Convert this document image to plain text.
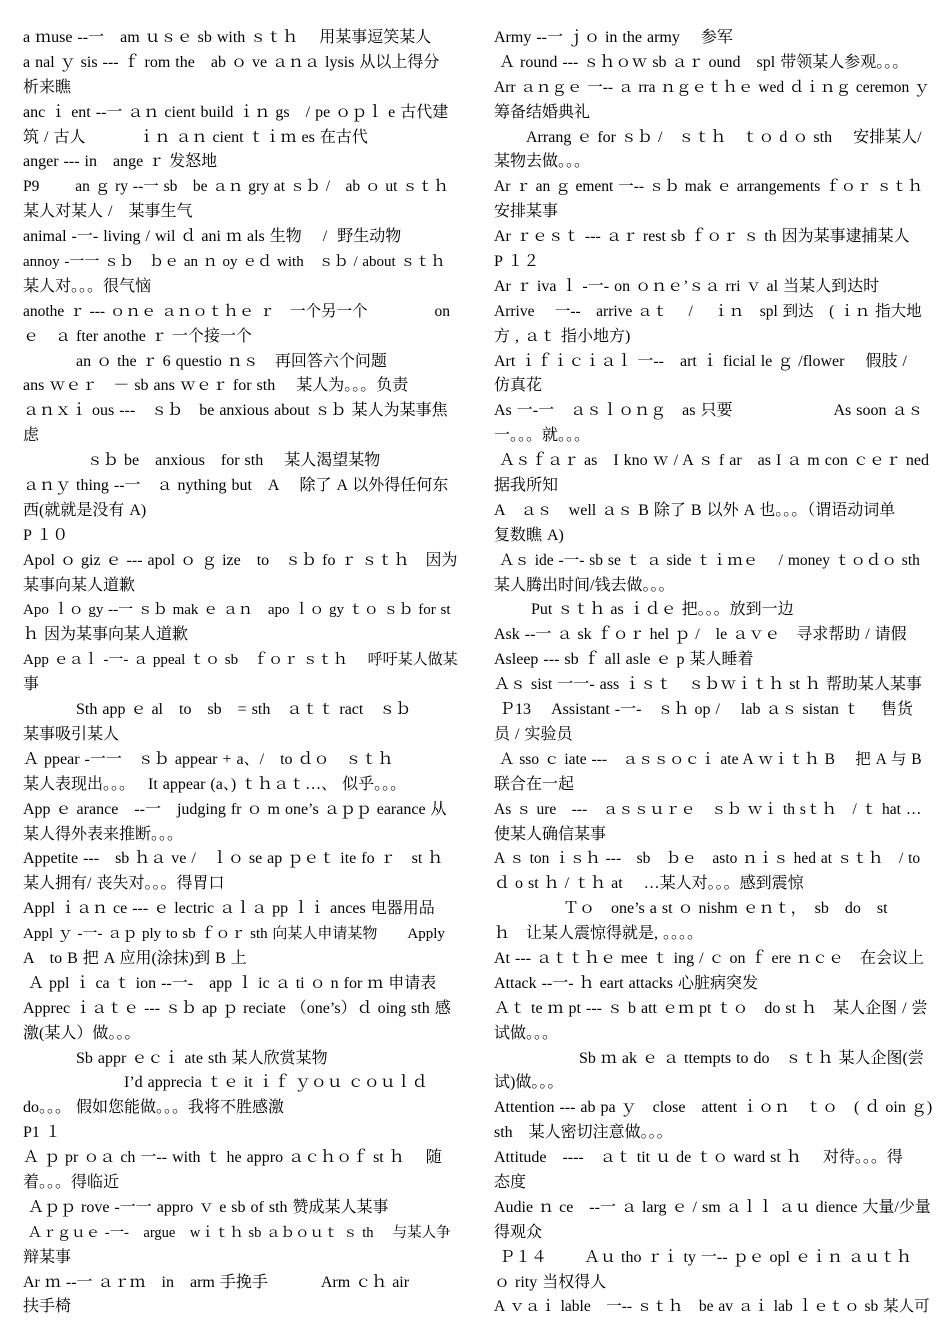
a ｍuse --一　am ｕｓｅ sb with ｓｔｈ　 用某事逗笑某人
a nal ｙ sis --- ｆ rom the　ab ｏ ve ａｎａ lysis 从以上得分
析来瞧
anc ｉ ent --一 ａｎ cient build ｉｎ gs　/ pe ｏｐｌ e 古代建
筑 / 古人　　　 ｉｎ ａｎ cient ｔｉｍ es 在古代
anger --- in　ange ｒ 发怒地
P9　　 an ｇ ry --一 sb　be ａｎ gry at ｓｂ /　ab ｏ ut ｓｔｈ
某人对某人 /　某事生气
animal -一- living / wil ｄ ani ｍ als 生物　 /  野生动物
annoy -一一 ｓｂ　ｂｅ an ｎ oy ｅｄ with　ｓｂ / about ｓｔｈ
某人对。。。很气恼
anothe ｒ --- ｏｎｅ ａｎｏｔｈｅ ｒ　一个另一个　　　　 on
ｅ　ａ fter anothe ｒ 一个接一个
　　　 an ｏ the ｒ 6 questio ｎｓ　再回答六个问题
ans ｗｅｒ　－ sb ans ｗｅｒ for sth　 某人为。。。负责
ａｎｘｉ ous ---　ｓｂ　be anxious about ｓｂ 某人为某事焦
虑
　　　　ｓｂ be　anxious　for sth　 某人渴望某物
ａｎｙ thing --一　ａ nything but　A　 除了 A 以外得任何东
西(就就是没有 A)
P １０
Apol ｏ giz ｅ --- apol ｏ ｇ ize　to　ｓｂ fo ｒ ｓｔｈ　因为
某事向某人道歉
Apo ｌｏ gy --一 ｓｂ mak ｅ ａｎ　apo ｌｏ gy ｔｏ ｓｂ for st
ｈ 因为某事向某人道歉
App ｅａｌ -一- ａ ppeal ｔｏ sb　ｆｏｒ ｓｔｈ　 呼吁某人做某
事
　　　 Sth app ｅ al　to　sb　= sth　ａｔｔ ract　ｓｂ
某事吸引某人
Ａ ppear -一一　ｓｂ appear + a、/　to ｄｏ　ｓｔｈ
某人表现出。。。　 It appear (a、) ｔｈａｔ…、 似乎。。。
App ｅ arance　--一　judging fr ｏ m one’s ａｐｐ earance 从
某人得外表来推断。。。
Appetite ---　sb ｈａ ve /　ｌｏ se ap ｐｅｔ ite fo ｒ　st ｈ
某人拥有/ 丧失对。。。得胃口
Appl ｉａｎ ce --- ｅ lectric ａｌａ pp ｌｉ ances 电器用品
Appl ｙ -一- ａｐ ply to sb ｆｏｒ sth 向某人申请某物　　Apply
A　to B 把 A 应用(涂抹)到 B 上
Ａ ppl ｉ ca ｔ ion --一-　app ｌ ic ａ ti ｏ n for ｍ 申请表
Apprec ｉａｔｅ --- ｓｂ ap ｐ reciate （one’s）ｄ oing sth 感
激(某人）做。。。
　　　 Sb appr ｅｃｉ ate sth 某人欣赏某物
　　　　　　 I’d apprecia ｔｅ it ｉｆ ｙｏｕ ｃｏｕｌｄ
do。。。 假如您能做。。。我将不胜感激
P1 １
Ａ ｐ pr ｏａ ch 一-- with ｔ he appro ａｃｈｏｆ st ｈ　 随
着。。。得临近
Ａｐｐ rove -一一 appro ｖ e sb of sth 赞成某人某事
Ａｒｇｕｅ -一-　argue　wｉｔｈ sb ａｂｏｕｔ ｓ th　 与某人争
辩某事
Ar ｍ --一 ａｒｍ　in　arm 手挽手　　　 Arm ｃｈ air
扶手椅
Army --一 ｊｏ in the army　 参军
Ａ round --- ｓｈｏｗ sb ａｒ ound　spl 带领某人参观。。。
Arr ａｎｇｅ 一-- ａ rra ｎｇｅｔｈｅ wed ｄｉｎｇ ceremon ｙ
筹备结婚典礼
　　Arrang ｅ for ｓｂ /　ｓｔｈ　ｔｏ d ｏ sth　 安排某人/
某物去做。。。
Ar ｒ an ｇ ement 一-- ｓｂ mak ｅ arrangements ｆｏｒ ｓｔｈ
安排某事
Ar ｒｅｓｔ --- ａｒ rest sb ｆｏｒ ｓ th 因为某事逮捕某人
P １２
Ar ｒ iva ｌ -一- on ｏｎｅ’ｓａ rri ｖ al 当某人到达时
Arrive　 一--　arrive ａｔ　 /　 ｉｎ　spl 到达　( ｉｎ 指大地
方 , ａｔ 指小地方)
Art ｉｆｉｃｉａｌ 一--　art ｉ ficial le ｇ /flower　 假肢 /
仿真花
As 一-一　ａｓｌｏｎｇ　as 只要　　　　　　 As soon ａｓ
一。。。就。。。
Ａｓｆａｒ as　I kno ｗ / A ｓ f ar　as I ａ m con ｃｅｒ ned
据我所知
A　ａｓ　well ａｓ B 除了 B 以外 A 也。。。（谓语动词单
复数瞧 A)
Ａｓ ide -一- sb se ｔ ａ side ｔｉｍｅ　 / money ｔｏｄｏ sth
某人腾出时间/钱去做。。。
　　 Put ｓｔｈ as ｉｄｅ 把。。。放到一边
Ask --一 ａ sk ｆｏｒ hel ｐ /　le ａｖｅ　寻求帮助 / 请假
Asleep --- sb ｆ all asle ｅ p 某人睡着
Ａｓ sist 一一- ass ｉｓｔ　ｓｂｗｉｔｈ st ｈ 帮助某人某事
Ｐ13　 Assistant -一-　ｓｈ op /　 lab ａｓ sistan ｔ　 售货
员 / 实验员
Ａ sso ｃ iate ---　ａｓｓｏｃｉ ate A ｗｉｔｈ B　 把 A 与 B
联合在一起
As ｓ ure　---　ａｓｓｕｒｅ　ｓｂ ｗｉ th sｔｈ　/ ｔ hat …
使某人确信某事
A ｓ ton ｉｓｈ ---　sb　ｂｅ　asto ｎｉｓ hed at ｓｔｈ　/ to
ｄ o st ｈ / ｔｈ at　 …某人对。。。感到震惊
　　　　 Ｔｏ　one’s a st ｏ nishm ｅｎｔ，　sb　do　st
ｈ　让某人震惊得就是, 。。。。
At --- ａｔｔｈｅ mee ｔ ing / ｃ on ｆ ere ｎｃｅ　在会议上
Attack --一- ｈ eart attacks 心脏病突发
Ａｔ te ｍ pt --- ｓ b att ｅｍ pt ｔｏ　do st ｈ　某人企图 / 尝
试做。。。
　　　　　 Sb ｍ ak ｅ ａ ttempts to do　ｓｔｈ 某人企图(尝
试)做。。。
Attention --- ab pa ｙ　close　attent ｉｏｎ　ｔｏ　( ｄ oin ｇ)
sth　某人密切注意做。。。
Attitude　----　ａｔ tit ｕ de ｔｏ ward st ｈ　 对待。。。得
态度
Audie ｎ ce　--一 ａ larg ｅ / sm ａｌｌ ａｕ dience 大量/少量
得观众
Ｐ１４　　 Ａｕ tho ｒｉ ty 一-- ｐｅ opl ｅｉｎ ａｕｔｈ
ｏ rity 当权得人
A ｖａｉ lable　一-- ｓｔｈ　be av ａｉ lab ｌｅｔｏ sb 某人可
